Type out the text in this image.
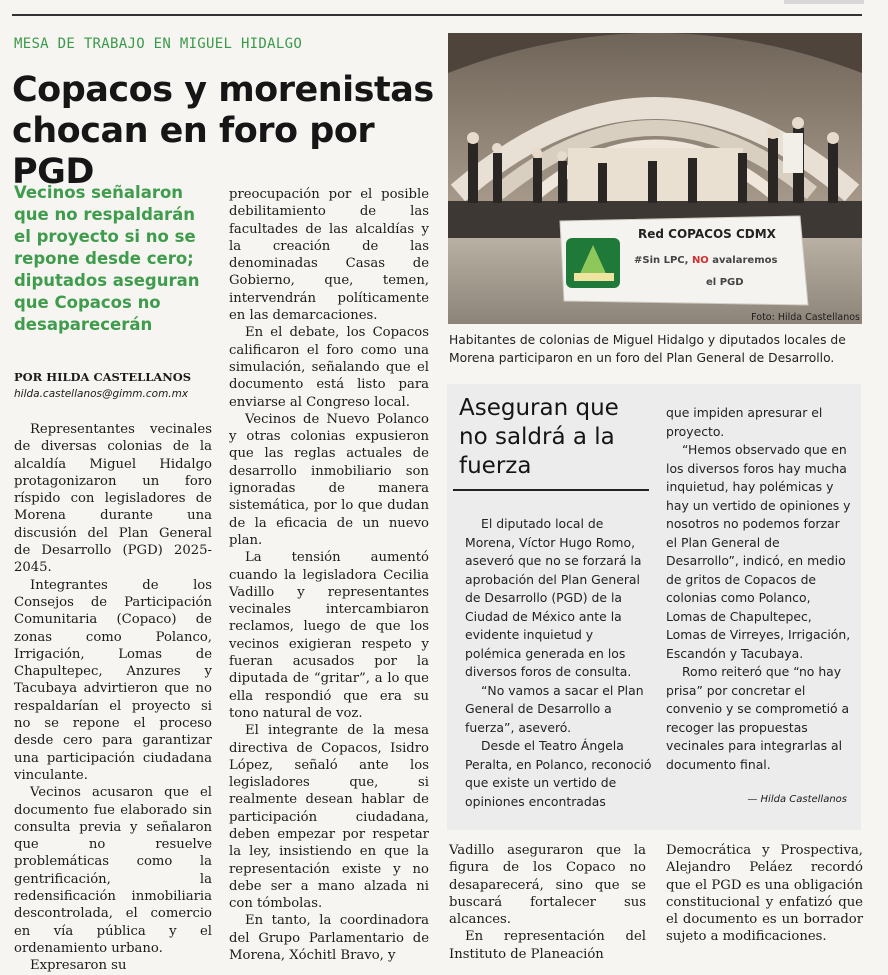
MESA DE TRABAJO EN MIGUEL HIDALGO
Copacos y morenistas chocan en foro por PGD
Vecinos señalaron que no respaldarán el proyecto si no se repone desde cero; diputados aseguran que Copacos no desaparecerán
POR HILDA CASTELLANOS
hilda.castellanos@gimm.com.mx

Representantes vecinales de diversas colonias de la alcaldía Miguel Hidalgo protagonizaron un foro ríspido con legisladores de Morena durante una discusión del Plan General de Desarrollo (PGD) 2025-2045.

Integrantes de los Consejos de Participación Comunitaria (Copaco) de zonas como Polanco, Irrigación, Lomas de Chapultepec, Anzures y Tacubaya advirtieron que no respaldarían el proyecto si no se repone el proceso desde cero para garantizar una participación ciudadana vinculante.

Vecinos acusaron que el documento fue elaborado sin consulta previa y señalaron que no resuelve problemáticas como la gentrificación, la redensificación inmobiliaria descontrolada, el comercio en vía pública y el ordenamiento urbano.

Expresaron su

preocupación por el posible debilitamiento de las facultades de las alcaldías y la creación de las denominadas Casas de Gobierno, que, temen, intervendrán políticamente en las demarcaciones.

En el debate, los Copacos calificaron el foro como una simulación, señalando que el documento está listo para enviarse al Congreso local.

Vecinos de Nuevo Polanco y otras colonias expusieron que las reglas actuales de desarrollo inmobiliario son ignoradas de manera sistemática, por lo que dudan de la eficacia de un nuevo plan.

La tensión aumentó cuando la legisladora Cecilia Vadillo y representantes vecinales intercambiaron reclamos, luego de que los vecinos exigieran respeto y fueran acusados por la diputada de “gritar”, a lo que ella respondió que era su tono natural de voz.

El integrante de la mesa directiva de Copacos, Isidro López, señaló ante los legisladores que, si realmente desean hablar de participación ciudadana, deben empezar por respetar la ley, insistiendo en que la representación existe y no debe ser a mano alzada ni con tómbolas.

En tanto, la coordinadora del Grupo Parlamentario de Morena, Xóchitl Bravo, y

Red COPACOS CDMX
#Sin LPC, NO avalaremos
el PGD
Foto: Hilda Castellanos
Habitantes de colonias de Miguel Hidalgo y diputados locales de Morena participaron en un foro del Plan General de Desarrollo.
Aseguran que no saldrá a la fuerza

El diputado local de Morena, Víctor Hugo Romo, aseveró que no se forzará la aprobación del Plan General de Desarrollo (PGD) de la Ciudad de México ante la evidente inquietud y polémica generada en los diversos foros de consulta.

“No vamos a sacar el Plan General de Desarrollo a fuerza”, aseveró.

Desde el Teatro Ángela Peralta, en Polanco, reconoció que existe un vertido de opiniones encontradas

que impiden apresurar el proyecto.

“Hemos observado que en los diversos foros hay mucha inquietud, hay polémicas y hay un vertido de opiniones y nosotros no podemos forzar el Plan General de Desarrollo”, indicó, en medio de gritos de Copacos de colonias como Polanco, Lomas de Chapultepec, Lomas de Virreyes, Irrigación, Escandón y Tacubaya.

Romo reiteró que “no hay prisa” por concretar el convenio y se comprometió a recoger las propuestas vecinales para integrarlas al documento final.

— Hilda Castellanos

Vadillo aseguraron que la figura de los Copaco no desaparecerá, sino que se buscará fortalecer sus alcances.

En representación del Instituto de Planeación

Democrática y Prospectiva, Alejandro Peláez recordó que el PGD es una obligación constitucional y enfatizó que el documento es un borrador sujeto a modificaciones.
